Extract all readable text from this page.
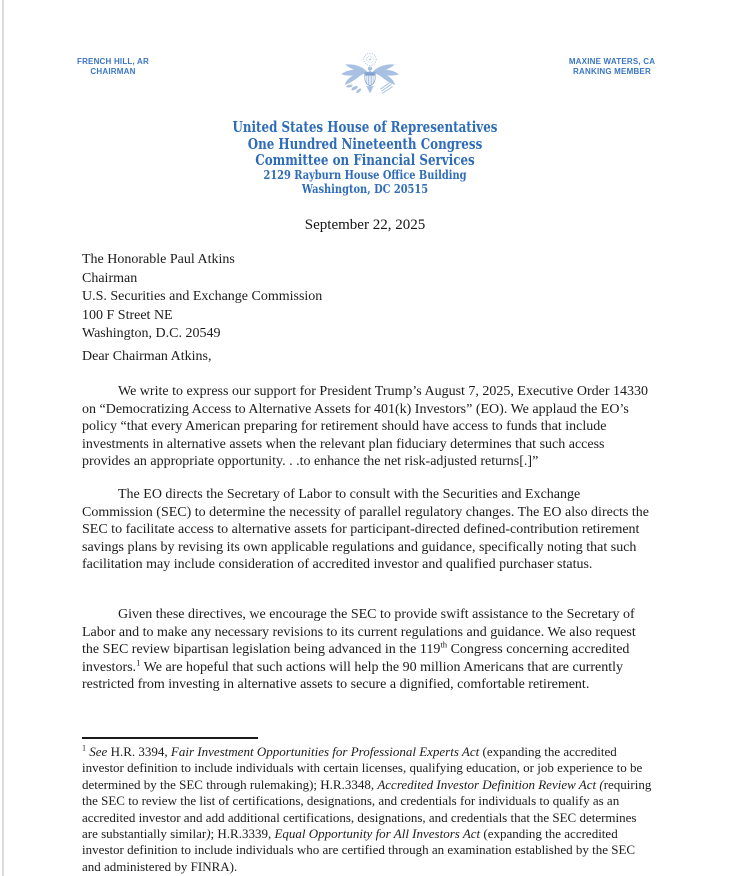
FRENCH HILL, AR
CHAIRMAN
MAXINE WATERS, CA
RANKING MEMBER
United States House of Representatives
One Hundred Nineteenth Congress
Committee on Financial Services
2129 Rayburn House Office Building
Washington, DC 20515
September 22, 2025
The Honorable Paul Atkins
Chairman
U.S. Securities and Exchange Commission
100 F Street NE
Washington, D.C. 20549
Dear Chairman Atkins,
We write to express our support for President Trump’s August 7, 2025, Executive Order 14330 on “Democratizing Access to Alternative Assets for 401(k) Investors” (EO). We applaud the EO’s policy “that every American preparing for retirement should have access to funds that include investments in alternative assets when the relevant plan fiduciary determines that such access provides an appropriate opportunity. . .to enhance the net risk-adjusted returns[.]”
The EO directs the Secretary of Labor to consult with the Securities and Exchange Commission (SEC) to determine the necessity of parallel regulatory changes. The EO also directs the SEC to facilitate access to alternative assets for participant-directed defined-contribution retirement savings plans by revising its own applicable regulations and guidance, specifically noting that such facilitation may include consideration of accredited investor and qualified purchaser status.
Given these directives, we encourage the SEC to provide swift assistance to the Secretary of Labor and to make any necessary revisions to its current regulations and guidance. We also request the SEC review bipartisan legislation being advanced in the 119th Congress concerning accredited investors.$^1$ We are hopeful that such actions will help the 90 million Americans that are currently restricted from investing in alternative assets to secure a dignified, comfortable retirement.
$^1$ See H.R. 3394, Fair Investment Opportunities for Professional Experts Act (expanding the accredited investor definition to include individuals with certain licenses, qualifying education, or job experience to be determined by the SEC through rulemaking); H.R.3348, Accredited Investor Definition Review Act (requiring the SEC to review the list of certifications, designations, and credentials for individuals to qualify as an accredited investor and add additional certifications, designations, and credentials that the SEC determines are substantially similar); H.R.3339, Equal Opportunity for All Investors Act (expanding the accredited investor definition to include individuals who are certified through an examination established by the SEC and administered by FINRA).
